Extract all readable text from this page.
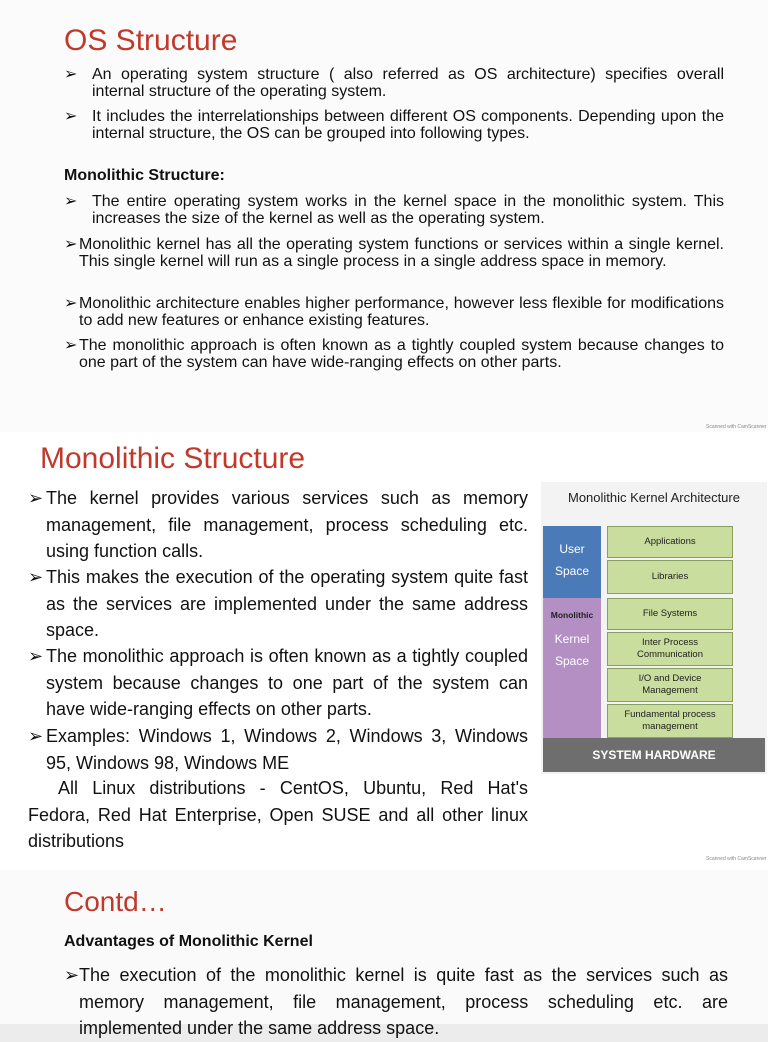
OS Structure
➢ An operating system structure ( also referred as OS architecture) specifies overall internal structure of the operating system.
➢ It includes the interrelationships between different OS components. Depending upon the internal structure, the OS can be grouped into following types.
Monolithic Structure:
➢ The entire operating system works in the kernel space in the monolithic system. This increases the size of the kernel as well as the operating system.
➢ Monolithic kernel has all the operating system functions or services within a single kernel. This single kernel will run as a single process in a single address space in memory.
➢ Monolithic architecture enables higher performance, however less flexible for modifications to add new features or enhance existing features.
➢ The monolithic approach is often known as a tightly coupled system because changes to one part of the system can have wide-ranging effects on other parts.
Scanned with CamScanner
Monolithic Structure
➢ The kernel provides various services such as memory management, file management, process scheduling etc. using function calls.
➢ This makes the execution of the operating system quite fast as the services are implemented under the same address space.
➢ The monolithic approach is often known as a tightly coupled system because changes to one part of the system can have wide-ranging effects on other parts.
➢ Examples: Windows 1, Windows 2, Windows 3, Windows 95, Windows 98, Windows ME

All Linux distributions - CentOS, Ubuntu, Red Hat's Fedora, Red Hat Enterprise, Open SUSE and all other linux distributions

Monolithic Kernel Architecture
User
Space
Monolithic
Kernel
Space
Applications
Libraries
File Systems
Inter Process Communication
I/O and Device Management
Fundamental process management
SYSTEM HARDWARE
Scanned with CamScanner
Contd…
Advantages of Monolithic Kernel
➢ The execution of the monolithic kernel is quite fast as the services such as memory management, file management, process scheduling etc. are implemented under the same address space.
